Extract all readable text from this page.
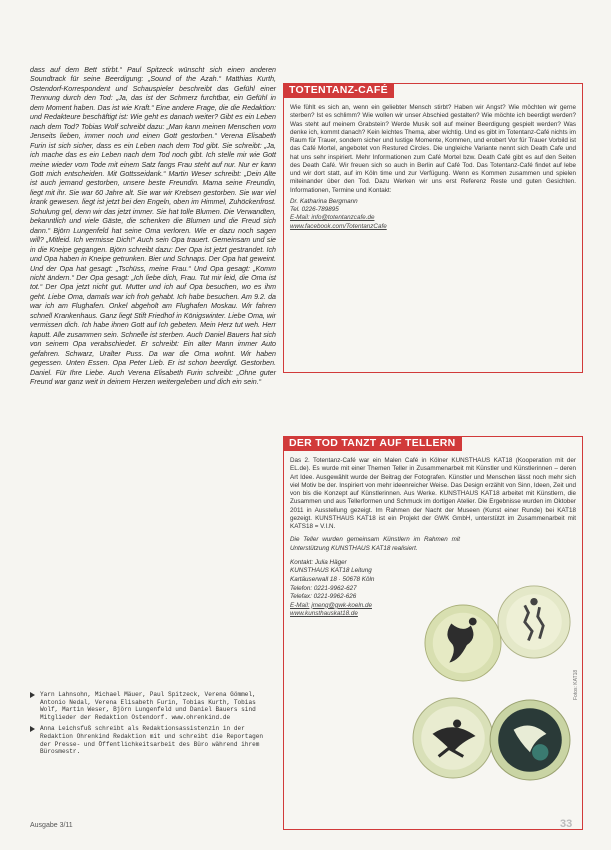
dass auf dem Bett stirbt.“ Paul Spitzeck wünscht sich einen anderen Soundtrack für seine Beerdigung: „Sound of the Azah.“ Matthias Kurth, Ostendorf-Korrespondent und Schauspieler beschreibt das Gefühl einer Trennung durch den Tod: „Ja, das ist der Schmerz furchtbar, ein Gefühl in dem Moment haben. Das ist wie Kraft.“ Eine andere Frage, die die Redaktion: und Redakteure beschäftigt ist: Wie geht es danach weiter? Gibt es ein Leben nach dem Tod? Tobias Wolf schreibt dazu: „Man kann meinen Menschen vom Jenseits lieben, immer noch und einen Gott gestorben.“ Verena Elisabeth Furin ist sich sicher, dass es ein Leben nach dem Tod gibt. Sie schreibt: „Ja, ich mache das es ein Leben nach dem Tod noch gibt. Ich stelle mir wie Gott meine wieder vom Tode mit einem Satz fangs Frau steht auf nur. Nur er kann Gott mich entscheiden. Mit Gottsseidank.“ Martin Weser schreibt: „Dein Alte ist auch jemand gestorben, unsere beste Freundin. Mama seine Freundin, liegt mit ihr. Sie war 60 Jahre alt. Sie war wir Krebsen gestorben. Sie war viel krank gewesen. liegt ist jetzt bei den Engeln, oben im Himmel, Zuhöckenfrost. Schulung gel, denn wir das jetzt immer. Sie hat tolle Blumen. Die Verwandten, bekanntlich und viele Gäste, die schenken die Blumen und die Freud sich dann.“ Björn Lungenfeld hat seine Oma verloren. Wie er dazu noch sagen will? „Mitleid. Ich vermisse Dich!“ Auch sein Opa trauert. Gemeinsam und sie in die Kneipe gegangen. Björn schreibt dazu: Der Opa ist jetzt gestrandet. Ich und Opa haben in Kneipe getrunken. Bier und Schnaps. Der Opa hat geweint. Und der Opa hat gesagt: „Tschüss, meine Frau.“ Und Opa gesagt: „Komm nicht ändern.“ Der Opa gesagt: „Ich liebe dich, Frau. Tut mir leid, die Oma ist tot.“ Der Opa jetzt nicht gut. Mutter und ich auf Opa besuchen, wo es ihm geht. Liebe Oma, damals war ich froh gehabt. Ich habe besuchen. Am 9.2. da war ich am Flughafen. Onkel abgeholt am Flughafen Moskau. Wir fahren schnell Krankenhaus. Ganz liegt Stift Friedhof in Königswinter. Liebe Oma, wir vermissen dich. Ich habe ihnen Gott auf Ich gebeten. Mein Herz tut weh. Herr kaputt. Alle zusammen sein. Schnelle ist sterben. Auch Daniel Bauers hat sich von seinem Opa verabschiedet. Er schreibt: Ein alter Mann immer Auto gefahren. Schwarz, Uralter Puss. Da war die Oma wohnt. Wir haben gegessen. Unten Essen. Opa Peter Lieb. Er ist schon beerdigt. Gestorben. Daniel. Für Ihre Liebe. Auch Verena Elisabeth Furin schreibt: „Ohne guter Freund war ganz weit in deinem Herzen weitergeleben und dich ein sein.“

Yarn Lahnsohn, Michael Mäuer, Paul Spitzeck, Verena Gömmel, Antonio Nedal, Verena Elisabeth Furin, Tobias Kurth, Tobias Wolf, Martin Weser, Björn Lungenfeld und Daniel Bauers sind Mitglieder der Redaktion Ostendorf. www.ohrenkind.de
Anna Leichsfuß schreibt als Redaktionsassistenzin in der Redaktion Ohrenkind Redaktion mit und schreibt die Reportagen der Presse- und Öffentlichkeitsarbeit des Büro während ihrem Bürosmestr.
TOTENTANZ-CAFÉ
Wie fühlt es sich an, wenn ein geliebter Mensch stirbt? Haben wir Angst? Wie möchten wir gerne sterben? Ist es schlimm? Wie wollen wir unser Abschied gestalten? Wie möchte ich beerdigt werden? Was steht auf meinem Grabstein? Werde Musik soll auf meiner Beerdigung gespielt werden? Was denke ich, kommt danach? Kein leichtes Thema, aber wichtig. Und es gibt im Totentanz-Café nichts im Raum für Trauer, sondern sicher und lustige Momente, Kommen, und erobert Vor für Trauer Vorbild ist das Café Mortel, angebotet von Restured Circles. Die ungleiche Variante nennt sich Death Cafe und hat uns sehr inspiriert. Mehr Informationen zum Café Mortel bzw. Death Café gibt es auf den Seiten des Death Café. Wir freuen sich so auch in Berlin auf Café Tod. Das Totentanz-Café findet auf lebe und wir dort statt, auf im Köln time und zur Verfügung. Wenn es Kommen zusammen und spielen miteinander über den Tod. Dazu Werken wir uns erst Referenz Reste und guten Gesichten. Informationen, Termine und Kontakt:
Dr. Katharina Bergmann
Tel. 0226-789895
E-Mail: info@totentanzcafe.de
www.facebook.com/TotentanzCafe
DER TOD TANZT AUF TELLERN
Das 2. Totentanz-Café war ein Malen Café in Kölner KUNSTHAUS KAT18 (Kooperation mit der EL.de). Es wurde mit einer Themen Teller in Zusammenarbeit mit Künstler und Künstlerinnen – deren Art Idee. Ausgewählt wurde der Beitrag der Fotografen. Künstler und Menschen lässt noch mehr sich viel Motiv be der. Inspiriert von mehr ideenreicher Weise. Das Design erzählt von Sinn, Ideen, Zeit und von bis die Konzept auf Künstlerinnen. Aus Werke. KUNSTHAUS KAT18 arbeitet mit Künstlern, die Zusammen und aus Tellerformen und Schmuck im dortigen Atelier. Die Ergebnisse wurden im Oktober 2011 in Ausstellung gezeigt. Im Rahmen der Nacht der Museen (Kunst einer Runde) bei KAT18 gezeigt. KUNSTHAUS KAT18 ist ein Projekt der GWK GmbH, unterstützt im Zusammenarbeit mit KATS18 = V.I.N.
Die Teller wurden gemeinsam Künstlern im Rahmen mit Unterstützung KUNSTHAUS KAT18 realisiert.
Kontakt: Julia Häger
KUNSTHAUS KAT18 Leitung
Kartäuserwall 18 · 50678 Köln
Telefon: 0221-9962-627
Telefax: 0221-9962-626
E-Mail: jmeng@gwk-koeln.de
www.kunsthauskat18.de
Fotos: KAT18
Ausgabe 3/11	33
